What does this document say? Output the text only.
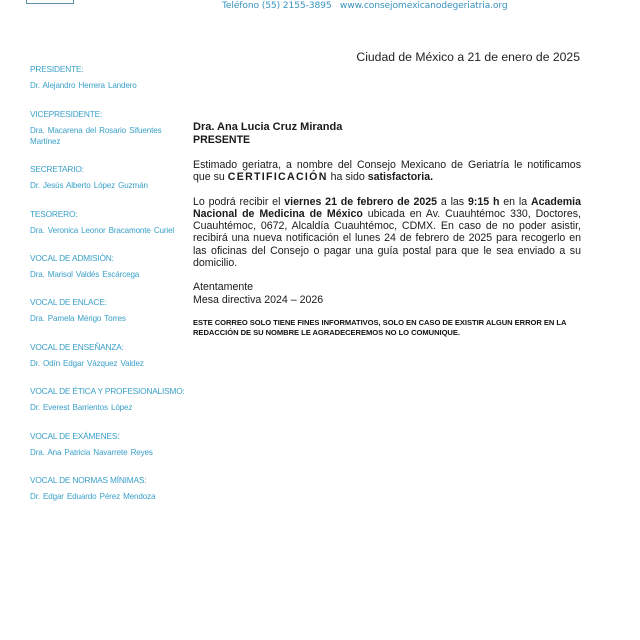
Teléfono (55) 2155-3895 www.consejomexicanodegeriatria.org
Ciudad de México a 21 de enero de 2025
PRESIDENTE:
Dr. Alejandro Herrera Landero
VICEPRESIDENTE:
Dra. Macarena del Rosario Sifuentes Martínez
SECRETARIO:
Dr. Jesús Alberto López Guzmán
TESORERO:
Dra. Veronica Leonor Bracamonte Curiel
VOCAL DE ADMISIÓN:
Dra. Marisol Valdés Escárcega
VOCAL DE ENLACE:
Dra. Pamela Mérigo Torres
VOCAL DE ENSEÑANZA:
Dr. Odín Edgar Vázquez Valdez
VOCAL DE ÉTICA Y PROFESIONALISMO:
Dr. Everest Barrientos López
VOCAL DE EXÁMENES:
Dra. Ana Patricia Navarrete Reyes
VOCAL DE NORMAS MÍNIMAS:
Dr. Edgar Eduardo Pérez Mendoza
Dra. Ana Lucia Cruz Miranda
PRESENTE

Estimado geriatra, a nombre del Consejo Mexicano de Geriatría le notificamos que su CERTIFICACIÓN ha sido satisfactoria.

Lo podrá recibir el viernes 21 de febrero de 2025 a las 9:15 h en la Academia Nacional de Medicina de México ubicada en Av. Cuauhtémoc 330, Doctores, Cuauhtémoc, 0672, Alcaldía Cuauhtémoc, CDMX. En caso de no poder asistir, recibirá una nueva notificación el lunes 24 de febrero de 2025 para recogerlo en las oficinas del Consejo o pagar una guía postal para que le sea enviado a su domicilio.

Atentamente
Mesa directiva 2024 – 2026
ESTE CORREO SOLO TIENE FINES INFORMATIVOS, SOLO EN CASO DE EXISTIR ALGUN ERROR EN LA REDACCIÓN DE SU NOMBRE LE AGRADECEREMOS NO LO COMUNIQUE.
